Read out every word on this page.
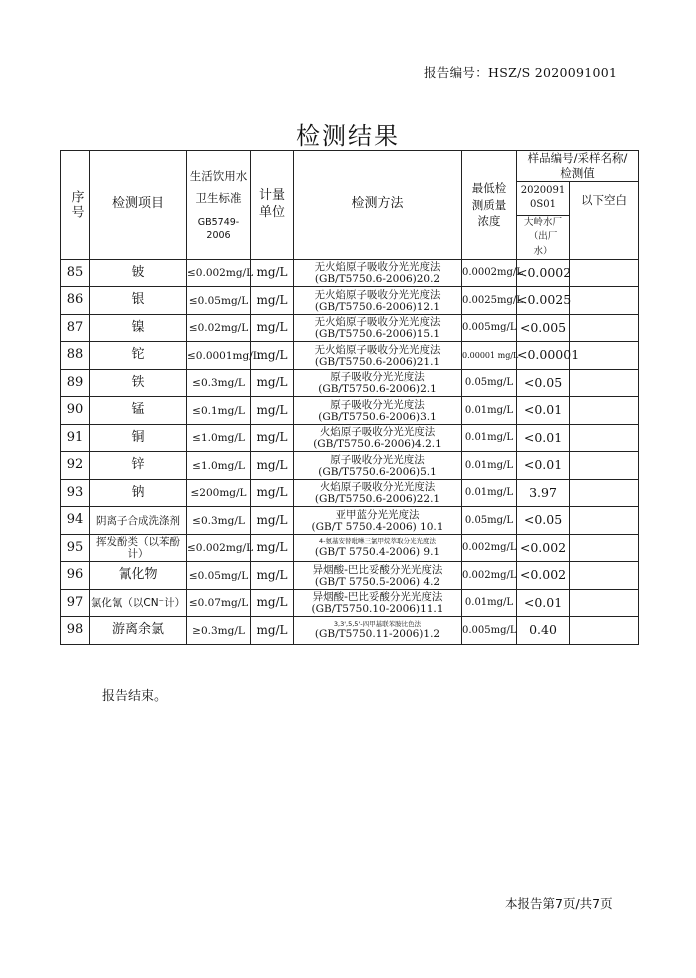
报告编号：HSZ/S 2020091001
检测结果
序号	检测项目	生活饮用水
卫生标准
GB5749-2006	计量单位	检测方法	最低检测质量浓度	样品编号/采样名称/检测值	

						20200910S01	以下空白

						大岭水厂（出厂水）	

85	铍	≤0.002mg/L	mg/L	无火焰原子吸收分光光度法
(GB/T5750.6-2006)20.2	0.0002mg/L	<0.0002	
86	银	≤0.05mg/L	mg/L	无火焰原子吸收分光光度法
(GB/T5750.6-2006)12.1	0.0025mg/L	<0.0025	
87	镍	≤0.02mg/L	mg/L	无火焰原子吸收分光光度法
(GB/T5750.6-2006)15.1	0.005mg/L	<0.005	
88	铊	≤0.0001mg/L	mg/L	无火焰原子吸收分光光度法
(GB/T5750.6-2006)21.1	0.00001 mg/L	<0.00001	
89	铁	≤0.3mg/L	mg/L	原子吸收分光光度法
(GB/T5750.6-2006)2.1	0.05mg/L	<0.05	
90	锰	≤0.1mg/L	mg/L	原子吸收分光光度法
(GB/T5750.6-2006)3.1	0.01mg/L	<0.01	
91	铜	≤1.0mg/L	mg/L	火焰原子吸收分光光度法
(GB/T5750.6-2006)4.2.1	0.01mg/L	<0.01	
92	锌	≤1.0mg/L	mg/L	原子吸收分光光度法
(GB/T5750.6-2006)5.1	0.01mg/L	<0.01	
93	钠	≤200mg/L	mg/L	火焰原子吸收分光光度法
(GB/T5750.6-2006)22.1	0.01mg/L	3.97	
94	阴离子合成洗涤剂	≤0.3mg/L	mg/L	亚甲蓝分光光度法
(GB/T 5750.4-2006) 10.1	0.05mg/L	<0.05	
95	挥发酚类（以苯酚计）	≤0.002mg/L	mg/L	4-氨基安替吡啉三氯甲烷萃取分光光度法
(GB/T 5750.4-2006) 9.1	0.002mg/L	<0.002	
96	氰化物	≤0.05mg/L	mg/L	异烟酸-巴比妥酸分光光度法
(GB/T 5750.5-2006) 4.2	0.002mg/L	<0.002	
97	氯化氰（以CN⁻计）	≤0.07mg/L	mg/L	异烟酸-巴比妥酸分光光度法
(GB/T5750.10-2006)11.1	0.01mg/L	<0.01	
98	游离余氯	≥0.3mg/L	mg/L	3,3',5,5'-四甲基联苯胺比色法
(GB/T5750.11-2006)1.2	0.005mg/L	0.40	
报告结束。
本报告第7页/共7页
